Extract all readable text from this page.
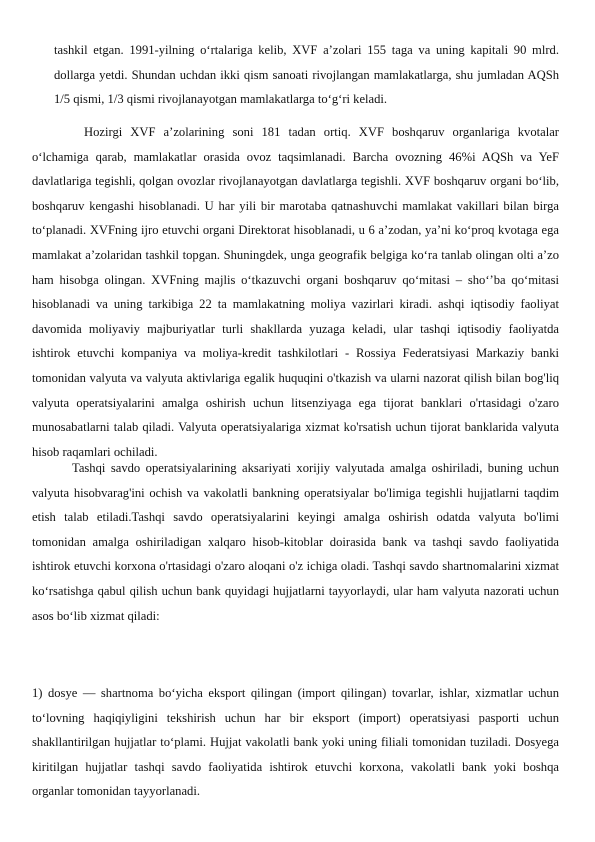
tashkil etgan. 1991-yilning o‘rtalariga kelib, XVF a’zolari 155 taga va uning kapitali 90 mlrd. dollarga yetdi. Shundan uchdan ikki qism sanoati rivojlangan mamlakatlarga, shu jumladan AQSh 1/5 qismi, 1/3 qismi rivojlanayotgan mamlakatlarga to‘g‘ri keladi.

Hozirgi XVF a’zolarining soni 181 tadan ortiq. XVF boshqaruv organlariga kvotalar o‘lchamiga qarab, mamlakatlar orasida ovoz taqsimlanadi. Barcha ovozning 46%i AQSh va YeF davlatlariga tegishli, qolgan ovozlar rivojlanayotgan davlatlarga tegishli. XVF boshqaruv organi bo‘lib, boshqaruv kengashi hisoblanadi. U har yili bir marotaba qatnashuvchi mamlakat vakillari bilan birga to‘planadi. XVFning ijro etuvchi organi Direktorat hisoblanadi, u 6 a’zodan, ya’ni ko‘proq kvotaga ega mamlakat a’zolaridan tashkil topgan. Shuningdek, unga geografik belgiga ko‘ra tanlab olingan olti a’zo ham hisobga olingan. XVFning majlis o‘tkazuvchi organi boshqaruv qo‘mitasi – sho‘’ba qo‘mitasi hisoblanadi va uning tarkibiga 22 ta mamlakatning moliya vazirlari kiradi. ashqi iqtisodiy faoliyat davomida moliyaviy majburiyatlar turli shakllarda yuzaga keladi, ular tashqi iqtisodiy faoliyatda ishtirok etuvchi kompaniya va moliya-kredit tashkilotlari - Rossiya Federatsiyasi Markaziy banki tomonidan valyuta va valyuta aktivlariga egalik huquqini o'tkazish va ularni nazorat qilish bilan bog'liq valyuta operatsiyalarini amalga oshirish uchun litsenziyaga ega tijorat banklari o'rtasidagi o'zaro munosabatlarni talab qiladi. Valyuta operatsiyalariga xizmat ko'rsatish uchun tijorat banklarida valyuta hisob raqamlari ochiladi.

Tashqi savdo operatsiyalarining aksariyati xorijiy valyutada amalga oshiriladi, buning uchun valyuta hisobvarag'ini ochish va vakolatli bankning operatsiyalar bo'limiga tegishli hujjatlarni taqdim etish talab etiladi.Tashqi savdo operatsiyalarini keyingi amalga oshirish odatda valyuta bo'limi tomonidan amalga oshiriladigan xalqaro hisob-kitoblar doirasida bank va tashqi savdo faoliyatida ishtirok etuvchi korxona o'rtasidagi o'zaro aloqani o'z ichiga oladi. Tashqi savdo shartnomalarini xizmat ko‘rsatishga qabul qilish uchun bank quyidagi hujjatlarni tayyorlaydi, ular ham valyuta nazorati uchun asos bo‘lib xizmat qiladi:

1) dosye — shartnoma bo‘yicha eksport qilingan (import qilingan) tovarlar, ishlar, xizmatlar uchun to‘lovning haqiqiyligini tekshirish uchun har bir eksport (import) operatsiyasi pasporti uchun shakllantirilgan hujjatlar to‘plami. Hujjat vakolatli bank yoki uning filiali tomonidan tuziladi. Dosyega kiritilgan hujjatlar tashqi savdo faoliyatida ishtirok etuvchi korxona, vakolatli bank yoki boshqa organlar tomonidan tayyorlanadi.
